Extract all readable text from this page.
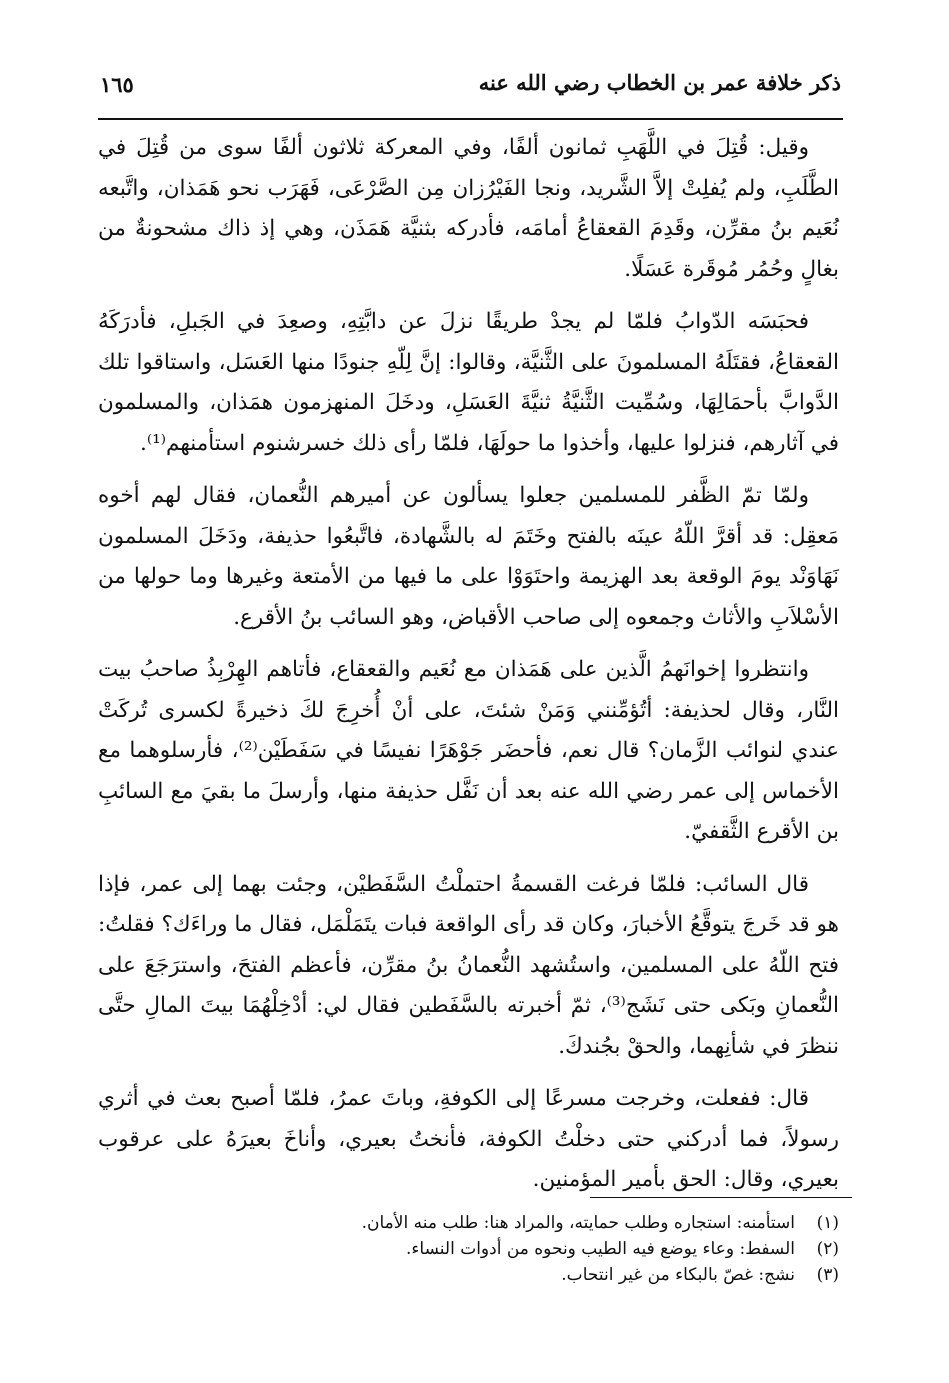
ذكر خلافة عمر بن الخطاب رضي الله عنه
١٦٥

وقيل: قُتِلَ في اللَّهَبِ ثمانون ألفًا، وفي المعركة ثلاثون ألفًا سوى من قُتِلَ في الطَّلَبِ، ولم يُفلِتْ إلاَّ الشَّريد، ونجا الفَيْرُزان مِن الصَّرْعَى، فَهَرَب نحو هَمَذان، واتَّبعه نُعَيم بنُ مقرِّن، وقَدِمَ القعقاعُ أمامَه، فأدركه بثنيَّة هَمَذَن، وهي إذ ذاك مشحونةٌ من بغالٍ وحُمُر مُوقَرة عَسَلًا.

فحبَسَه الدّوابُ فلمّا لم يجدْ طريقًا نزلَ عن دابَّتِهِ، وصعِدَ في الجَبلِ، فأدرَكَهُ القعقاعُ، فقتَلَهُ المسلمونَ على الثَّنيَّة، وقالوا: إنَّ لِلّهِ جنودًا منها العَسَل، واستاقوا تلك الدَّوابَّ بأحمَالِهَا، وسُمِّيت الثَّنيَّةُ ثنيَّةَ العَسَلِ، ودخَلَ المنهزمون همَذان، والمسلمون في آثارهم، فنزلوا عليها، وأخذوا ما حولَهَا، فلمّا رأى ذلك خسرشنوم استأمنهم⁽¹⁾.

ولمّا تمّ الظَّفر للمسلمين جعلوا يسألون عن أميرهم النُّعمان، فقال لهم أخوه مَعقِل: قد أقرَّ اللّهُ عينَه بالفتح وخَتَمَ له بالشَّهادة، فاتَّبعُوا حذيفة، ودَخَلَ المسلمون نَهَاوَنْد يومَ الوقعة بعد الهزيمة واحتَوَوْا على ما فيها من الأمتعة وغيرها وما حولها من الأسْلاَبِ والأثاث وجمعوه إلى صاحب الأقباض، وهو السائب بنُ الأقرع.

وانتظروا إخوانَهمُ الَّذين على هَمَذان مع نُعَيم والقعقاع، فأتاهم الهِرْبِذُ صاحبُ بيت النَّار، وقال لحذيفة: أتُؤمِّنني وَمَنْ شئتَ، على أنْ أُخرِجَ لكَ ذخيرةً لكسرى تُركَتْ عندي لنوائب الزَّمان؟ قال نعم، فأحضَر جَوْهَرًا نفيسًا في سَفَطَيْن⁽²⁾، فأرسلوهما مع الأخماس إلى عمر رضي الله عنه بعد أن نَفَّل حذيفة منها، وأرسلَ ما بقيَ مع السائبِ بن الأقرع الثَّقفيّ.

قال السائب: فلمّا فرغت القسمةُ احتملْتُ السَّفَطيْن، وجئت بهما إلى عمر، فإذا هو قد خَرجَ يتوقَّعُ الأخبارَ، وكان قد رأى الواقعة فبات يتَمَلْمَل، فقال ما وراءَك؟ فقلتُ: فتح اللّهُ على المسلمين، واستُشهد النُّعمانُ بنُ مقرِّن، فأعظم الفتحَ، واسترَجَعَ على النُّعمانِ وبَكى حتى نَشَج⁽³⁾، ثمّ أخبرته بالسَّفَطين فقال لي: أدْخِلْهُمَا بيتَ المالِ حتَّى ننظرَ في شأنِهما، والحقْ بجُندكَ.

قال: ففعلت، وخرجت مسرعًا إلى الكوفةِ، وباتَ عمرُ، فلمّا أصبح بعث في أثري رسولاً، فما أدركني حتى دخلْتُ الكوفة، فأنختُ بعيري، وأناخَ بعيرَهُ على عرقوب بعيري، وقال: الحق بأمير المؤمنين.

(١)
استأمنه: استجاره وطلب حمايته، والمراد هنا: طلب منه الأمان.
(٢)
السفط: وعاء يوضع فيه الطيب ونحوه من أدوات النساء.
(٣)
نشج: غصّ بالبكاء من غير انتحاب.
